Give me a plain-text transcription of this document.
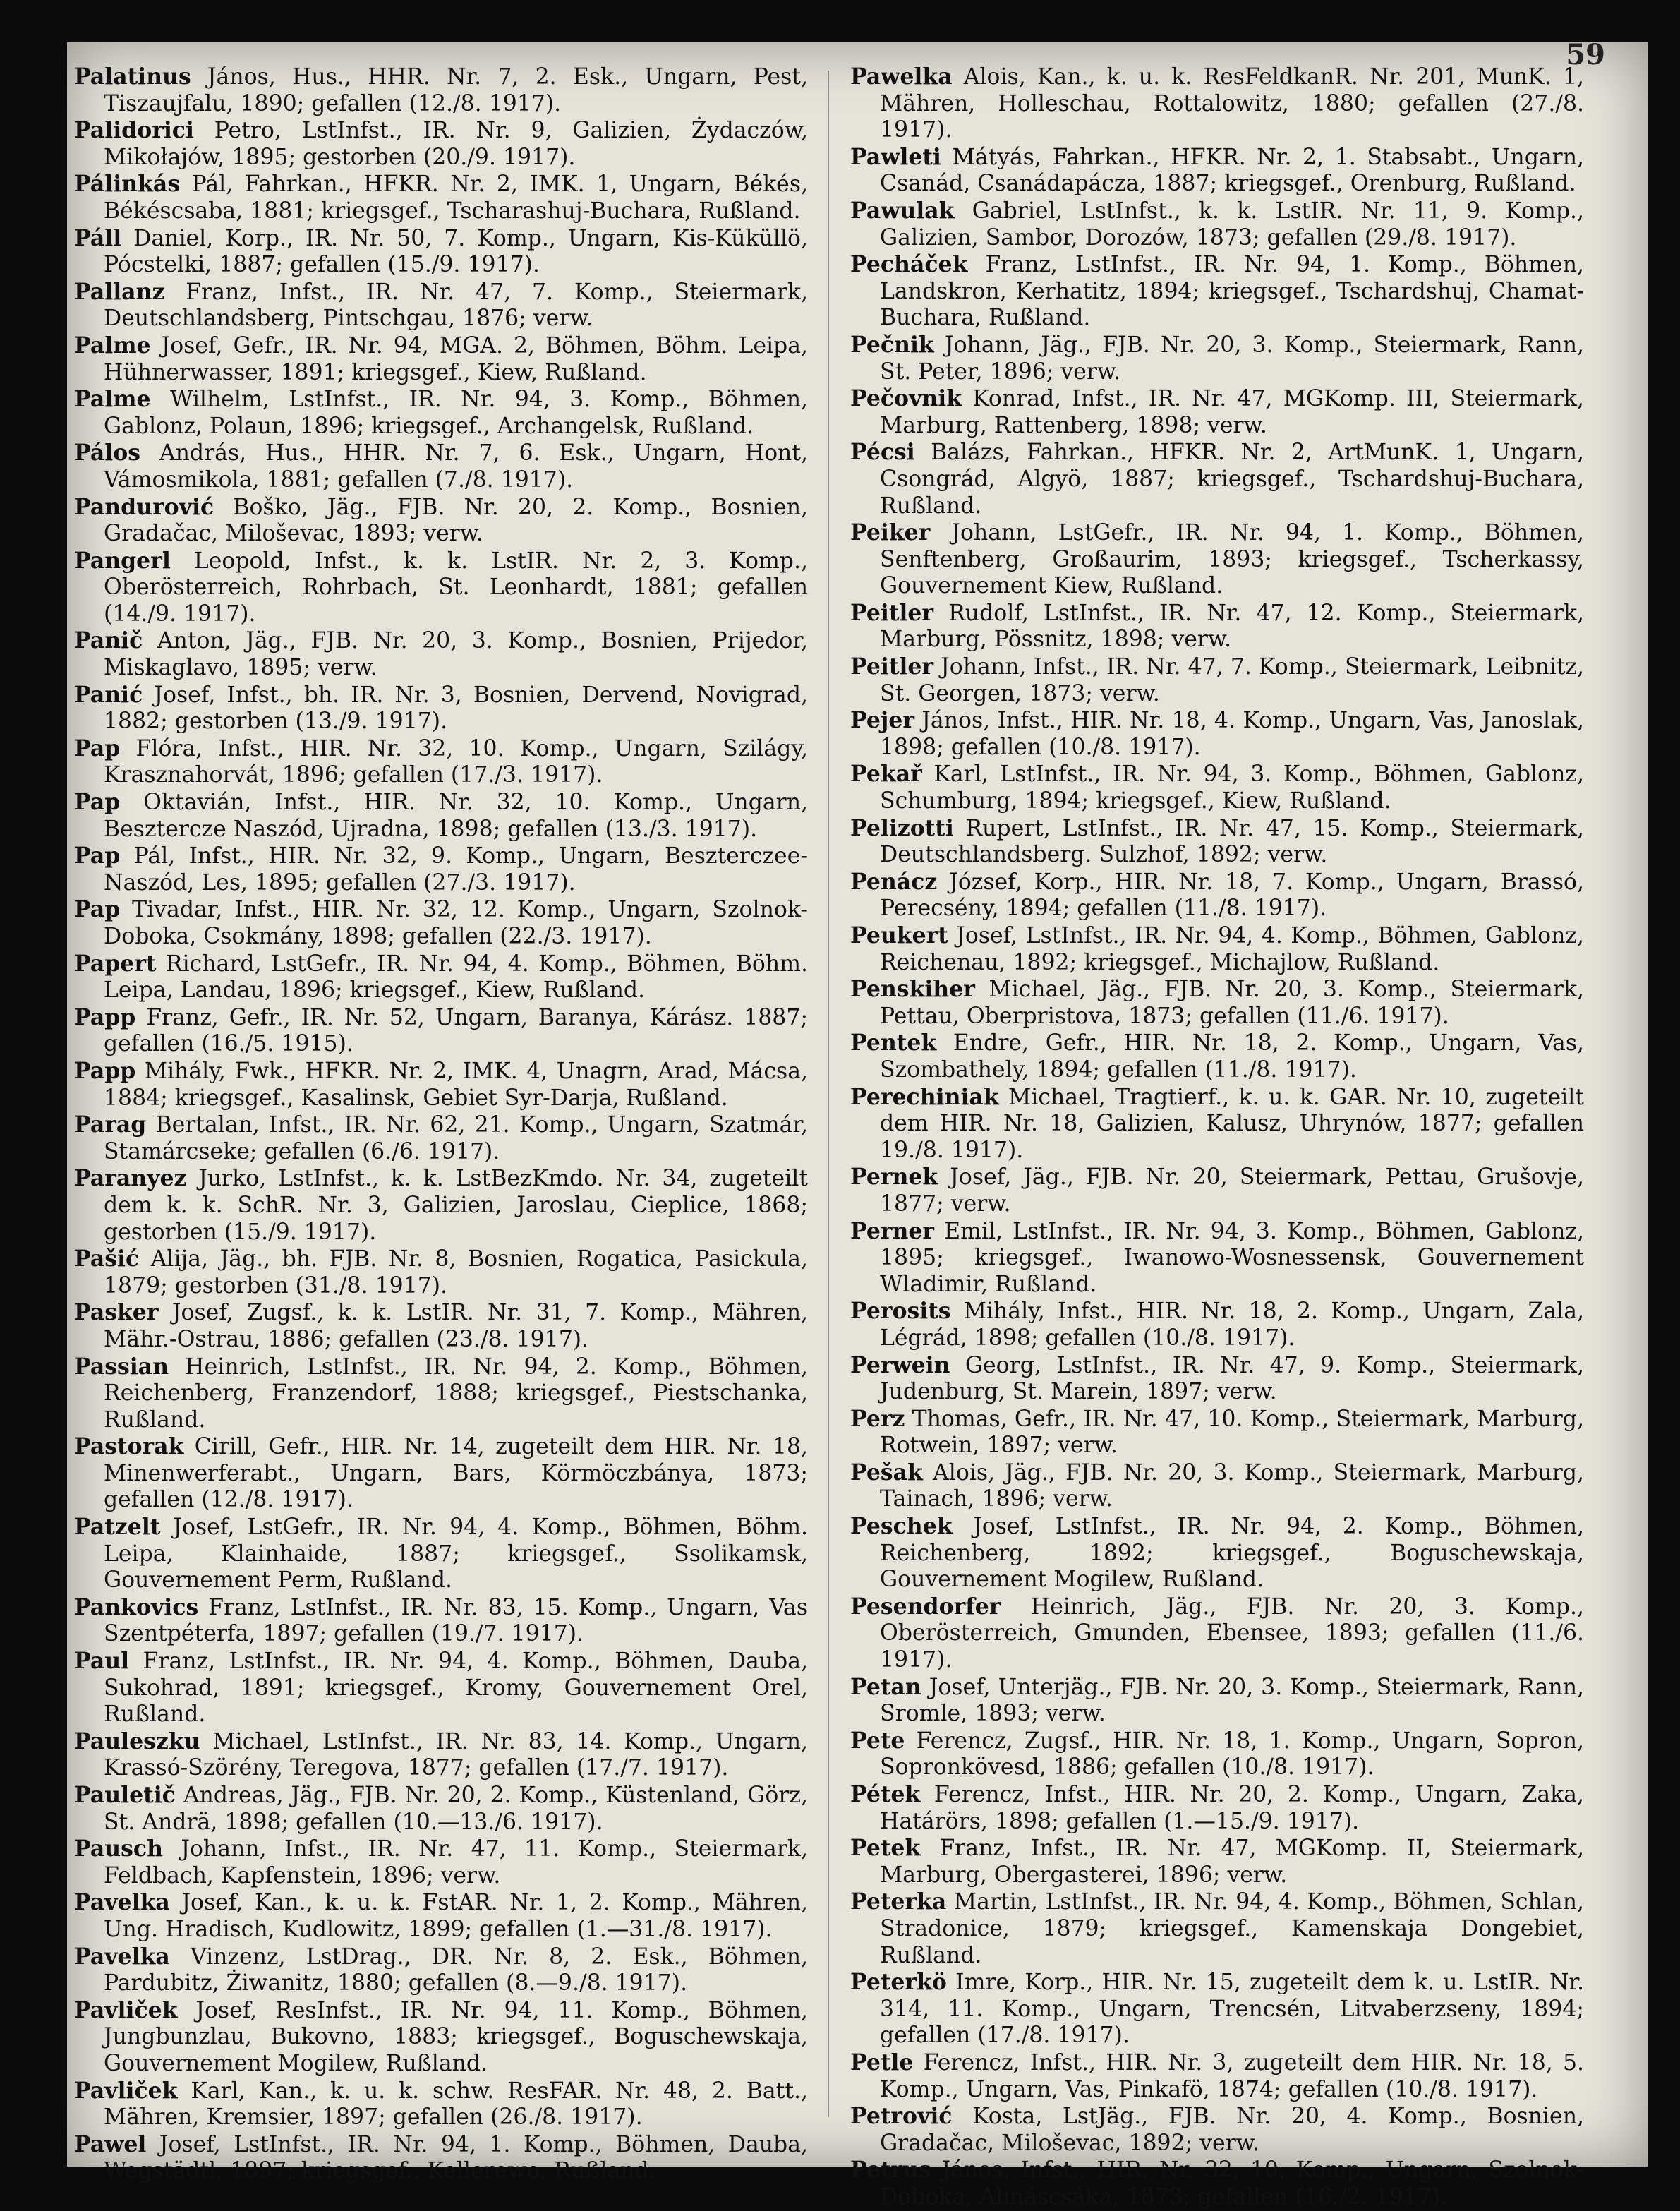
59

Palatinus János, Hus., HHR. Nr. 7, 2. Esk., Ungarn, Pest, Tiszaujfalu, 1890; gefallen (12./8. 1917).

Palidorici Petro, LstInfst., IR. Nr. 9, Galizien, Żydaczów, Mikołajów, 1895; gestorben (20./9. 1917).

Pálinkás Pál, Fahrkan., HFKR. Nr. 2, IMK. 1, Ungarn, Békés, Békéscsaba, 1881; kriegsgef., Tscharashuj-Buchara, Rußland.

Páll Daniel, Korp., IR. Nr. 50, 7. Komp., Ungarn, Kis-Küküllö, Pócstelki, 1887; gefallen (15./9. 1917).

Pallanz Franz, Infst., IR. Nr. 47, 7. Komp., Steiermark, Deutschlandsberg, Pintschgau, 1876; verw.

Palme Josef, Gefr., IR. Nr. 94, MGA. 2, Böhmen, Böhm. Leipa, Hühnerwasser, 1891; kriegsgef., Kiew, Rußland.

Palme Wilhelm, LstInfst., IR. Nr. 94, 3. Komp., Böhmen, Gablonz, Polaun, 1896; kriegsgef., Archangelsk, Rußland.

Pálos András, Hus., HHR. Nr. 7, 6. Esk., Ungarn, Hont, Vámosmikola, 1881; gefallen (7./8. 1917).

Pandurović Boško, Jäg., FJB. Nr. 20, 2. Komp., Bosnien, Gradačac, Miloševac, 1893; verw.

Pangerl Leopold, Infst., k. k. LstIR. Nr. 2, 3. Komp., Oberösterreich, Rohrbach, St. Leonhardt, 1881; gefallen (14./9. 1917).

Panič Anton, Jäg., FJB. Nr. 20, 3. Komp., Bosnien, Prijedor, Miskaglavo, 1895; verw.

Panić Josef, Infst., bh. IR. Nr. 3, Bosnien, Dervend, Novigrad, 1882; gestorben (13./9. 1917).

Pap Flóra, Infst., HIR. Nr. 32, 10. Komp., Ungarn, Szilágy, Krasznahorvát, 1896; gefallen (17./3. 1917).

Pap Oktavián, Infst., HIR. Nr. 32, 10. Komp., Ungarn, Besztercze Naszód, Ujradna, 1898; gefallen (13./3. 1917).

Pap Pál, Infst., HIR. Nr. 32, 9. Komp., Ungarn, Beszterczee-Naszód, Les, 1895; gefallen (27./3. 1917).

Pap Tivadar, Infst., HIR. Nr. 32, 12. Komp., Ungarn, Szolnok-Doboka, Csokmány, 1898; gefallen (22./3. 1917).

Papert Richard, LstGefr., IR. Nr. 94, 4. Komp., Böhmen, Böhm. Leipa, Landau, 1896; kriegsgef., Kiew, Rußland.

Papp Franz, Gefr., IR. Nr. 52, Ungarn, Baranya, Kárász. 1887; gefallen (16./5. 1915).

Papp Mihály, Fwk., HFKR. Nr. 2, IMK. 4, Unagrn, Arad, Mácsa, 1884; kriegsgef., Kasalinsk, Gebiet Syr-Darja, Rußland.

Parag Bertalan, Infst., IR. Nr. 62, 21. Komp., Ungarn, Szatmár, Stamárcseke; gefallen (6./6. 1917).

Paranyez Jurko, LstInfst., k. k. LstBezKmdo. Nr. 34, zugeteilt dem k. k. SchR. Nr. 3, Galizien, Jaroslau, Cieplice, 1868; gestorben (15./9. 1917).

Pašić Alija, Jäg., bh. FJB. Nr. 8, Bosnien, Rogatica, Pasickula, 1879; gestorben (31./8. 1917).

Pasker Josef, Zugsf., k. k. LstIR. Nr. 31, 7. Komp., Mähren, Mähr.-Ostrau, 1886; gefallen (23./8. 1917).

Passian Heinrich, LstInfst., IR. Nr. 94, 2. Komp., Böhmen, Reichenberg, Franzendorf, 1888; kriegsgef., Piestschanka, Rußland.

Pastorak Cirill, Gefr., HIR. Nr. 14, zugeteilt dem HIR. Nr. 18, Minenwerferabt., Ungarn, Bars, Körmöczbánya, 1873; gefallen (12./8. 1917).

Patzelt Josef, LstGefr., IR. Nr. 94, 4. Komp., Böhmen, Böhm. Leipa, Klainhaide, 1887; kriegsgef., Ssolikamsk, Gouvernement Perm, Rußland.

Pankovics Franz, LstInfst., IR. Nr. 83, 15. Komp., Ungarn, Vas Szentpéterfa, 1897; gefallen (19./7. 1917).

Paul Franz, LstInfst., IR. Nr. 94, 4. Komp., Böhmen, Dauba, Sukohrad, 1891; kriegsgef., Kromy, Gouvernement Orel, Rußland.

Pauleszku Michael, LstInfst., IR. Nr. 83, 14. Komp., Ungarn, Krassó-Szörény, Teregova, 1877; gefallen (17./7. 1917).

Pauletič Andreas, Jäg., FJB. Nr. 20, 2. Komp., Küstenland, Görz, St. Andrä, 1898; gefallen (10.—13./6. 1917).

Pausch Johann, Infst., IR. Nr. 47, 11. Komp., Steiermark, Feldbach, Kapfenstein, 1896; verw.

Pavelka Josef, Kan., k. u. k. FstAR. Nr. 1, 2. Komp., Mähren, Ung. Hradisch, Kudlowitz, 1899; gefallen (1.—31./8. 1917).

Pavelka Vinzenz, LstDrag., DR. Nr. 8, 2. Esk., Böhmen, Pardubitz, Żiwanitz, 1880; gefallen (8.—9./8. 1917).

Pavliček Josef, ResInfst., IR. Nr. 94, 11. Komp., Böhmen, Jungbunzlau, Bukovno, 1883; kriegsgef., Boguschewskaja, Gouvernement Mogilew, Rußland.

Pavliček Karl, Kan., k. u. k. schw. ResFAR. Nr. 48, 2. Batt., Mähren, Kremsier, 1897; gefallen (26./8. 1917).

Pawel Josef, LstInfst., IR. Nr. 94, 1. Komp., Böhmen, Dauba, Wegstädtl, 1897; kriegsgef., Kellerewo, Rußland.

Pawelka Alois, Kan., k. u. k. ResFeldkanR. Nr. 201, MunK. 1, Mähren, Holleschau, Rottalowitz, 1880; gefallen (27./8. 1917).

Pawleti Mátyás, Fahrkan., HFKR. Nr. 2, 1. Stabsabt., Ungarn, Csanád, Csanádapácza, 1887; kriegsgef., Orenburg, Rußland.

Pawulak Gabriel, LstInfst., k. k. LstIR. Nr. 11, 9. Komp., Galizien, Sambor, Dorozów, 1873; gefallen (29./8. 1917).

Pecháček Franz, LstInfst., IR. Nr. 94, 1. Komp., Böhmen, Landskron, Kerhatitz, 1894; kriegsgef., Tschardshuj, Chamat-Buchara, Rußland.

Pečnik Johann, Jäg., FJB. Nr. 20, 3. Komp., Steiermark, Rann, St. Peter, 1896; verw.

Pečovnik Konrad, Infst., IR. Nr. 47, MGKomp. III, Steiermark, Marburg, Rattenberg, 1898; verw.

Pécsi Balázs, Fahrkan., HFKR. Nr. 2, ArtMunK. 1, Ungarn, Csongrád, Algyö, 1887; kriegsgef., Tschardshuj-Buchara, Rußland.

Peiker Johann, LstGefr., IR. Nr. 94, 1. Komp., Böhmen, Senftenberg, Großaurim, 1893; kriegsgef., Tscherkassy, Gouvernement Kiew, Rußland.

Peitler Rudolf, LstInfst., IR. Nr. 47, 12. Komp., Steiermark, Marburg, Pössnitz, 1898; verw.

Peitler Johann, Infst., IR. Nr. 47, 7. Komp., Steiermark, Leibnitz, St. Georgen, 1873; verw.

Pejer János, Infst., HIR. Nr. 18, 4. Komp., Ungarn, Vas, Janoslak, 1898; gefallen (10./8. 1917).

Pekař Karl, LstInfst., IR. Nr. 94, 3. Komp., Böhmen, Gablonz, Schumburg, 1894; kriegsgef., Kiew, Rußland.

Pelizotti Rupert, LstInfst., IR. Nr. 47, 15. Komp., Steiermark, Deutschlandsberg. Sulzhof, 1892; verw.

Penácz József, Korp., HIR. Nr. 18, 7. Komp., Ungarn, Brassó, Perecsény, 1894; gefallen (11./8. 1917).

Peukert Josef, LstInfst., IR. Nr. 94, 4. Komp., Böhmen, Gablonz, Reichenau, 1892; kriegsgef., Michajlow, Rußland.

Penskiher Michael, Jäg., FJB. Nr. 20, 3. Komp., Steiermark, Pettau, Oberpristova, 1873; gefallen (11./6. 1917).

Pentek Endre, Gefr., HIR. Nr. 18, 2. Komp., Ungarn, Vas, Szombathely, 1894; gefallen (11./8. 1917).

Perechiniak Michael, Tragtierf., k. u. k. GAR. Nr. 10, zugeteilt dem HIR. Nr. 18, Galizien, Kalusz, Uhrynów, 1877; gefallen 19./8. 1917).

Pernek Josef, Jäg., FJB. Nr. 20, Steiermark, Pettau, Grušovje, 1877; verw.

Perner Emil, LstInfst., IR. Nr. 94, 3. Komp., Böhmen, Gablonz, 1895; kriegsgef., Iwanowo-Wosnessensk, Gouvernement Wladimir, Rußland.

Perosits Mihály, Infst., HIR. Nr. 18, 2. Komp., Ungarn, Zala, Légrád, 1898; gefallen (10./8. 1917).

Perwein Georg, LstInfst., IR. Nr. 47, 9. Komp., Steiermark, Judenburg, St. Marein, 1897; verw.

Perz Thomas, Gefr., IR. Nr. 47, 10. Komp., Steiermark, Marburg, Rotwein, 1897; verw.

Pešak Alois, Jäg., FJB. Nr. 20, 3. Komp., Steiermark, Marburg, Tainach, 1896; verw.

Peschek Josef, LstInfst., IR. Nr. 94, 2. Komp., Böhmen, Reichenberg, 1892; kriegsgef., Boguschewskaja, Gouvernement Mogilew, Rußland.

Pesendorfer Heinrich, Jäg., FJB. Nr. 20, 3. Komp., Oberösterreich, Gmunden, Ebensee, 1893; gefallen (11./6. 1917).

Petan Josef, Unterjäg., FJB. Nr. 20, 3. Komp., Steiermark, Rann, Sromle, 1893; verw.

Pete Ferencz, Zugsf., HIR. Nr. 18, 1. Komp., Ungarn, Sopron, Sopronkövesd, 1886; gefallen (10./8. 1917).

Pétek Ferencz, Infst., HIR. Nr. 20, 2. Komp., Ungarn, Zaka, Határörs, 1898; gefallen (1.—15./9. 1917).

Petek Franz, Infst., IR. Nr. 47, MGKomp. II, Steiermark, Marburg, Obergasterei, 1896; verw.

Peterka Martin, LstInfst., IR. Nr. 94, 4. Komp., Böhmen, Schlan, Stradonice, 1879; kriegsgef., Kamenskaja Dongebiet, Rußland.

Peterkö Imre, Korp., HIR. Nr. 15, zugeteilt dem k. u. LstIR. Nr. 314, 11. Komp., Ungarn, Trencsén, Litvaberzseny, 1894; gefallen (17./8. 1917).

Petle Ferencz, Infst., HIR. Nr. 3, zugeteilt dem HIR. Nr. 18, 5. Komp., Ungarn, Vas, Pinkafö, 1874; gefallen (10./8. 1917).

Petrović Kosta, LstJäg., FJB. Nr. 20, 4. Komp., Bosnien, Gradačac, Miloševac, 1892; verw.

Petrus János, Infst., HIR. Nr. 32, 10. Komp., Ungarn, Szolnok-Doboka, Almáscsáka, 1873; gefallen (16./2. 1917).
